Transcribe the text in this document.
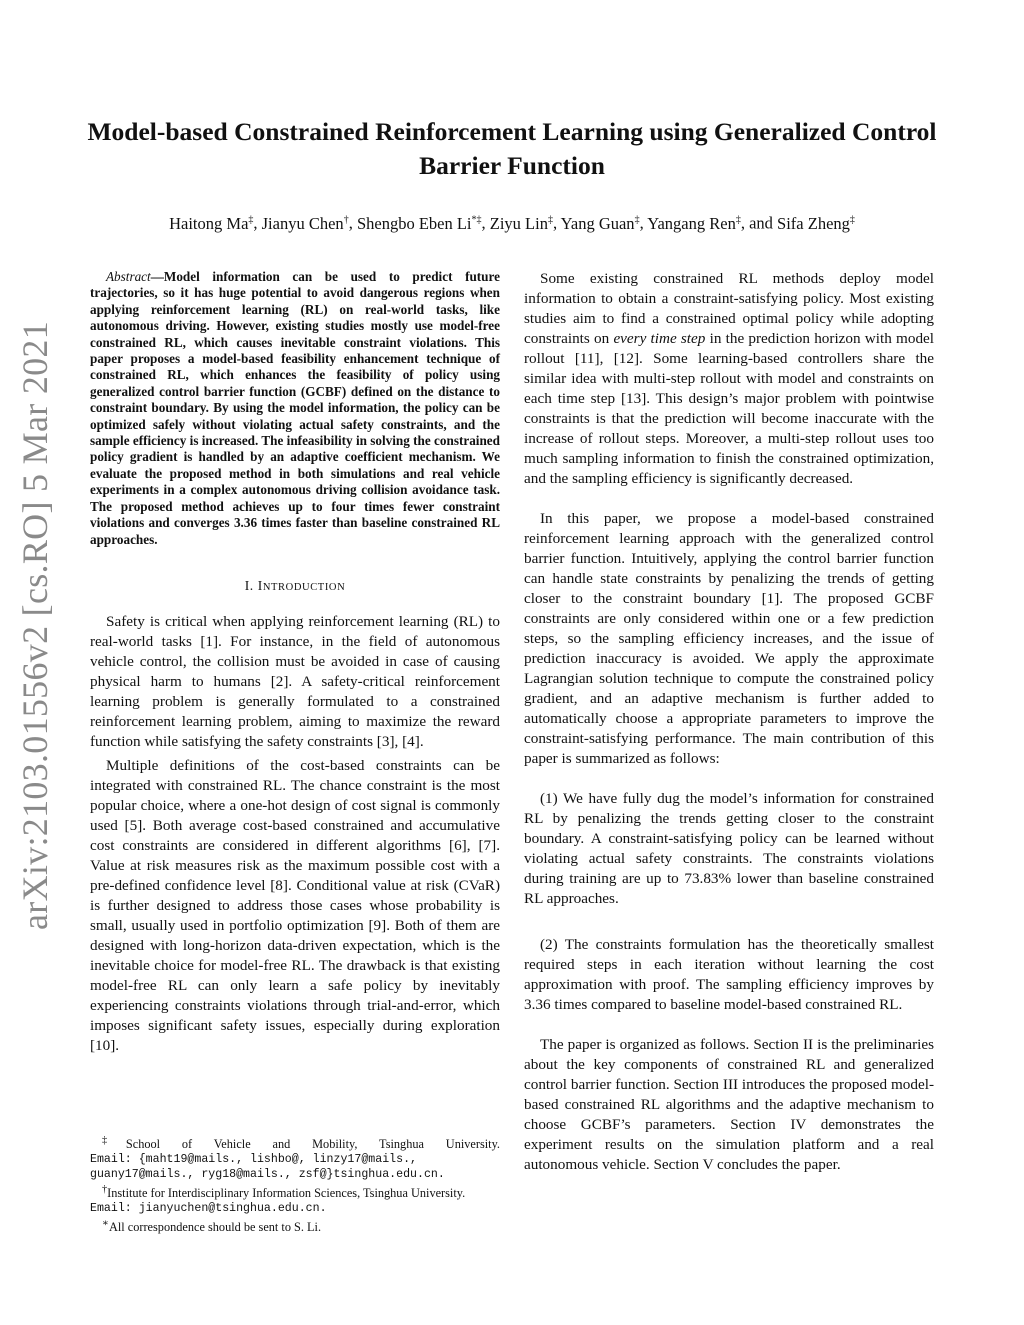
Model-based Constrained Reinforcement Learning using Generalized Control Barrier Function
Haitong Ma‡, Jianyu Chen†, Shengbo Eben Li*‡, Ziyu Lin‡, Yang Guan‡, Yangang Ren‡, and Sifa Zheng‡
arXiv:2103.01556v2 [cs.RO] 5 Mar 2021

Abstract—Model information can be used to predict future trajectories, so it has huge potential to avoid dangerous regions when applying reinforcement learning (RL) on real-world tasks, like autonomous driving. However, existing studies mostly use model-free constrained RL, which causes inevitable constraint violations. This paper proposes a model-based feasibility enhancement technique of constrained RL, which enhances the feasibility of policy using generalized control barrier function (GCBF) defined on the distance to constraint boundary. By using the model information, the policy can be optimized safely without violating actual safety constraints, and the sample efficiency is increased. The infeasibility in solving the constrained policy gradient is handled by an adaptive coefficient mechanism. We evaluate the proposed method in both simulations and real vehicle experiments in a complex autonomous driving collision avoidance task. The proposed method achieves up to four times fewer constraint violations and converges 3.36 times faster than baseline constrained RL approaches.

I. INTRODUCTION

Safety is critical when applying reinforcement learning (RL) to real-world tasks [1]. For instance, in the field of autonomous vehicle control, the collision must be avoided in case of causing physical harm to humans [2]. A safety-critical reinforcement learning problem is generally formulated to a constrained reinforcement learning problem, aiming to maximize the reward function while satisfying the safety constraints [3], [4].

Multiple definitions of the cost-based constraints can be integrated with constrained RL. The chance constraint is the most popular choice, where a one-hot design of cost signal is commonly used [5]. Both average cost-based constrained and accumulative cost constraints are considered in different algorithms [6], [7]. Value at risk measures risk as the maximum possible cost with a pre-defined confidence level [8]. Conditional value at risk (CVaR) is further designed to address those cases whose probability is small, usually used in portfolio optimization [9]. Both of them are designed with long-horizon data-driven expectation, which is the inevitable choice for model-free RL. The drawback is that existing model-free RL can only learn a safe policy by inevitably experiencing constraints violations through trial-and-error, which imposes significant safety issues, especially during exploration [10].

‡School of Vehicle and Mobility, Tsinghua University.

Email: {maht19@mails., lishbo@, linzy17@mails.,

guany17@mails., ryg18@mails., zsf@}tsinghua.edu.cn.

†Institute for Interdisciplinary Information Sciences, Tsinghua University.

Email: jianyuchen@tsinghua.edu.cn.

∗All correspondence should be sent to S. Li.

Some existing constrained RL methods deploy model information to obtain a constraint-satisfying policy. Most existing studies aim to find a constrained optimal policy while adopting constraints on every time step in the prediction horizon with model rollout [11], [12]. Some learning-based controllers share the similar idea with multi-step rollout with model and constraints on each time step [13]. This design’s major problem with pointwise constraints is that the prediction will become inaccurate with the increase of rollout steps. Moreover, a multi-step rollout uses too much sampling information to finish the constrained optimization, and the sampling efficiency is significantly decreased.

In this paper, we propose a model-based constrained reinforcement learning approach with the generalized control barrier function. Intuitively, applying the control barrier function can handle state constraints by penalizing the trends of getting closer to the constraint boundary [1]. The proposed GCBF constraints are only considered within one or a few prediction steps, so the sampling efficiency increases, and the issue of prediction inaccuracy is avoided. We apply the approximate Lagrangian solution technique to compute the constrained policy gradient, and an adaptive mechanism is further added to automatically choose a appropriate parameters to improve the constraint-satisfying performance. The main contribution of this paper is summarized as follows:

(1) We have fully dug the model’s information for constrained RL by penalizing the trends getting closer to the constraint boundary. A constraint-satisfying policy can be learned without violating actual safety constraints. The constraints violations during training are up to 73.83% lower than baseline constrained RL approaches.

(2) The constraints formulation has the theoretically smallest required steps in each iteration without learning the cost approximation with proof. The sampling efficiency improves by 3.36 times compared to baseline model-based constrained RL.

The paper is organized as follows. Section II is the preliminaries about the key components of constrained RL and generalized control barrier function. Section III introduces the proposed model-based constrained RL algorithms and the adaptive mechanism to choose GCBF’s parameters. Section IV demonstrates the experiment results on the simulation platform and a real autonomous vehicle. Section V concludes the paper.
